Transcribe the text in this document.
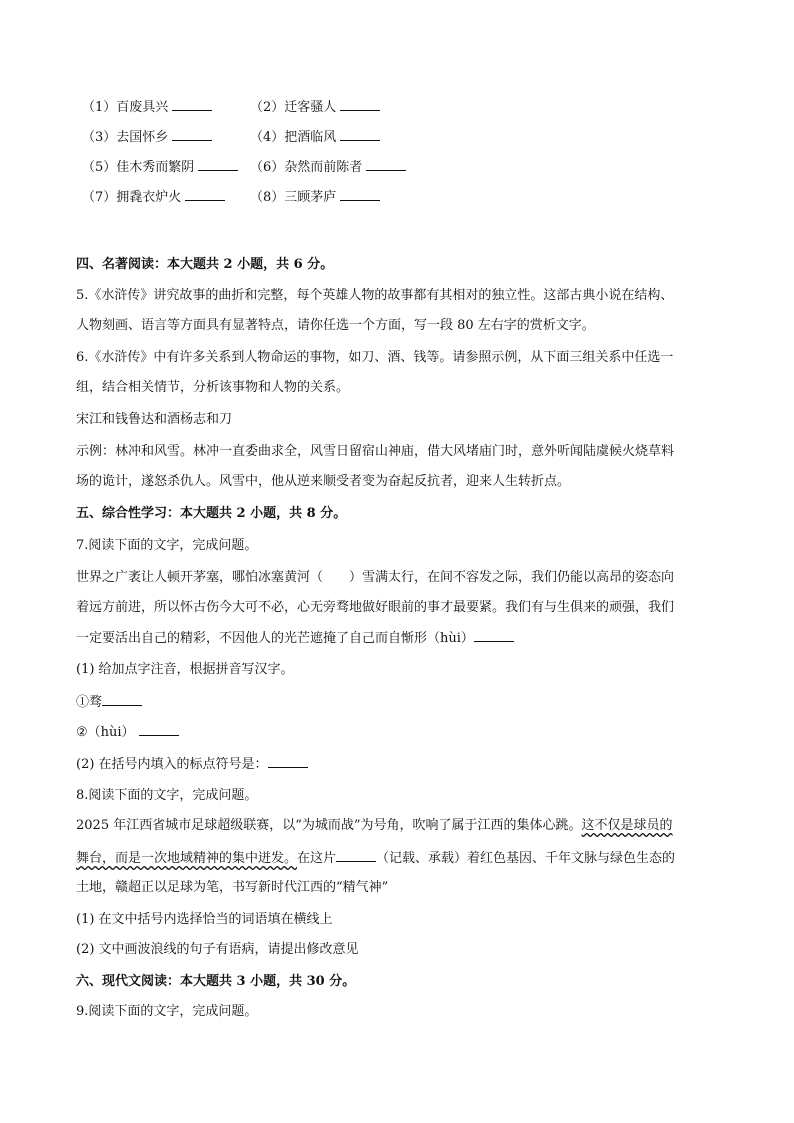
（1）百废具兴	（2）迁客骚人
（3）去国怀乡	（4）把酒临风
（5）佳木秀而繁阴	（6）杂然而前陈者
（7）拥毳衣炉火	（8）三顾茅庐
四、名著阅读：本大题共 2 小题，共 6 分。
5.《水浒传》讲究故事的曲折和完整，每个英雄人物的故事都有其相对的独立性。这部古典小说在结构、
人物刻画、语言等方面具有显著特点，请你任选一个方面，写一段 80 左右字的赏析文字。
6.《水浒传》中有许多关系到人物命运的事物，如刀、酒、钱等。请参照示例，从下面三组关系中任选一
组，结合相关情节，分析该事物和人物的关系。
宋江和钱鲁达和酒杨志和刀
示例：林冲和风雪。林冲一直委曲求全，风雪日留宿山神庙，借大风堵庙门时，意外听闻陆虞候火烧草料
场的诡计，遂怒杀仇人。风雪中，他从逆来顺受者变为奋起反抗者，迎来人生转折点。
五、综合性学习：本大题共 2 小题，共 8 分。
7.阅读下面的文字，完成问题。
世界之广袤让人顿开茅塞，哪怕冰塞黄河（　　）雪满太行，在间不容发之际，我们仍能以高昂的姿态向
着远方前进，所以怀古伤今大可不必，心无旁骛地做好眼前的事才最要紧。我们有与生俱来的顽强，我们
一定要活出自己的精彩，不因他人的光芒遮掩了自己而自惭形（hùi）
(1) 给加点字注音，根据拼音写汉字。
①骛
②（hùi）
(2) 在括号内填入的标点符号是：
8.阅读下面的文字，完成问题。
2025 年江西省城市足球超级联赛，以“为城而战”为号角，吹响了属于江西的集体心跳。这不仅是球员的
舞台，而是一次地域精神的集中迸发。在这片	（记载、承载）着红色基因、千年文脉与绿色生态的
土地，赣超正以足球为笔，书写新时代江西的“精气神”
(1) 在文中括号内选择恰当的词语填在横线上
(2) 文中画波浪线的句子有语病，请提出修改意见
六、现代文阅读：本大题共 3 小题，共 30 分。
9.阅读下面的文字，完成问题。
